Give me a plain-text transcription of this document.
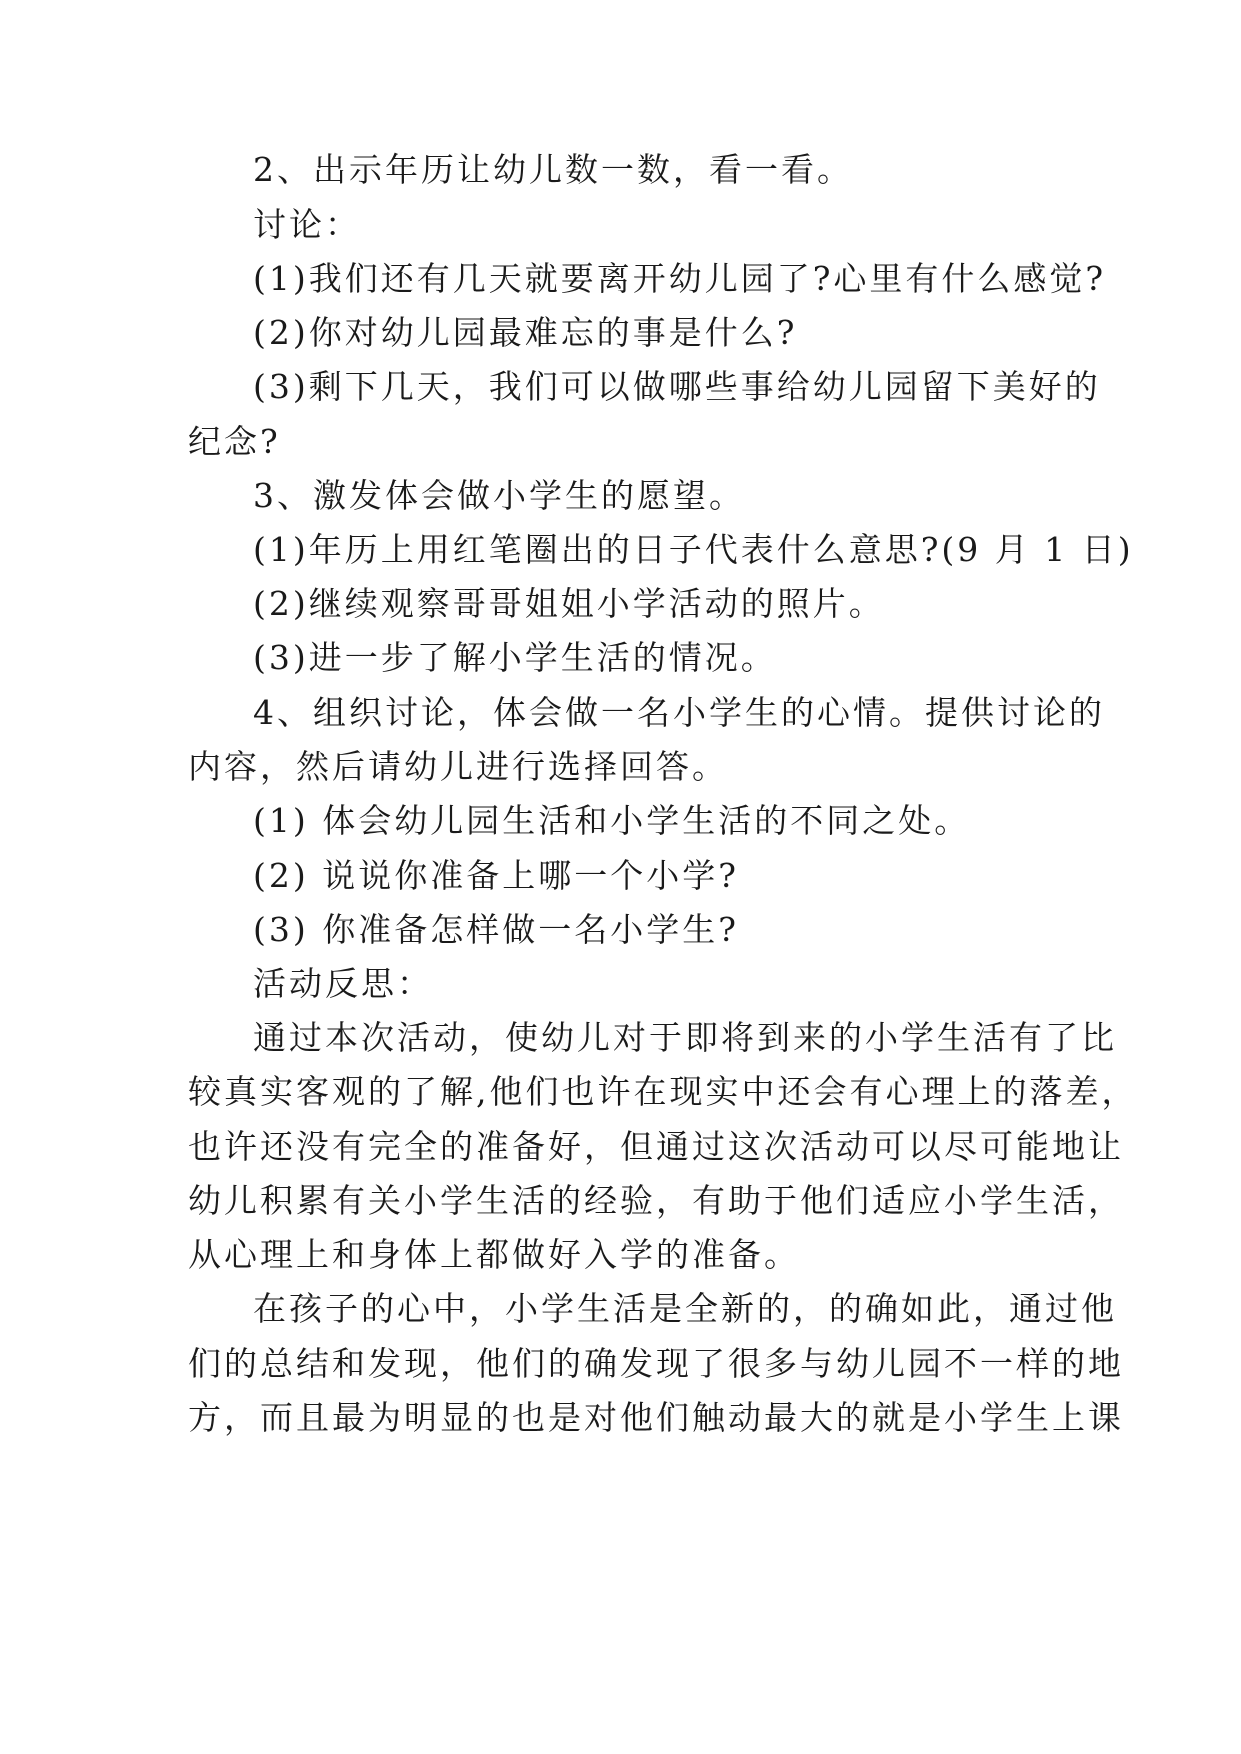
2、出示年历让幼儿数一数，看一看。
讨论：
(1)我们还有几天就要离开幼儿园了?心里有什么感觉?
(2)你对幼儿园最难忘的事是什么?
(3)剩下几天，我们可以做哪些事给幼儿园留下美好的
纪念?
3、激发体会做小学生的愿望。
(1)年历上用红笔圈出的日子代表什么意思?(9 月 1 日)
(2)继续观察哥哥姐姐小学活动的照片。
(3)进一步了解小学生活的情况。
4、组织讨论，体会做一名小学生的心情。提供讨论的
内容，然后请幼儿进行选择回答。
(1) 体会幼儿园生活和小学生活的不同之处。
(2) 说说你准备上哪一个小学?
(3) 你准备怎样做一名小学生?
活动反思：
通过本次活动，使幼儿对于即将到来的小学生活有了比
较真实客观的了解,他们也许在现实中还会有心理上的落差，
也许还没有完全的准备好，但通过这次活动可以尽可能地让
幼儿积累有关小学生活的经验，有助于他们适应小学生活，
从心理上和身体上都做好入学的准备。
在孩子的心中，小学生活是全新的，的确如此，通过他
们的总结和发现，他们的确发现了很多与幼儿园不一样的地
方，而且最为明显的也是对他们触动最大的就是小学生上课
